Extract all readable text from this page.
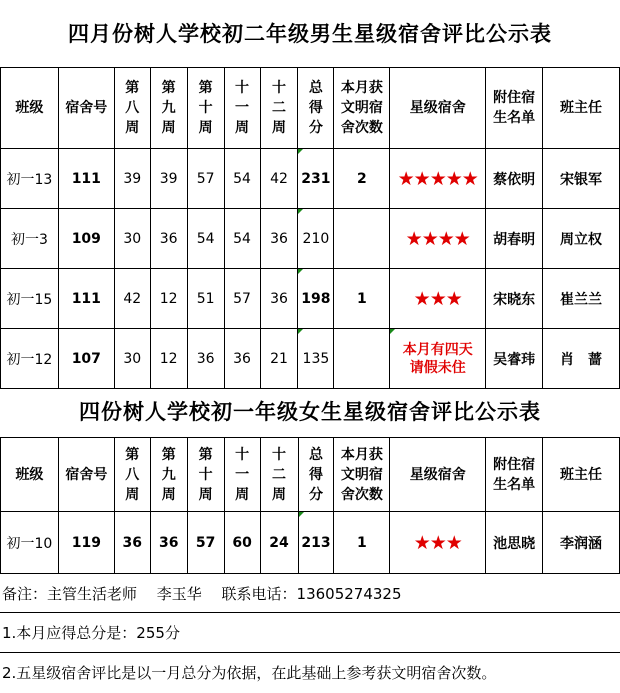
四月份树人学校初二年级男生星级宿舍评比公示表
班级	宿舍号	第
八
周	第
九
周	第
十
周	十
一
周	十
二
周	总
得
分	本月获
文明宿
舍次数	星级宿舍	附住宿
生名单	班主任
初一13	111	39	39	57	54	42	231	2	★★★★★	蔡依明	宋银军
初一3	109	30	36	54	54	36	210		★★★★	胡春明	周立权
初一15	111	42	12	51	57	36	198	1	★★★	宋晓东	崔兰兰
初一12	107	30	12	36	36	21	135		本月有四天
请假未住	吴睿玮	肖　蔷
四份树人学校初一年级女生星级宿舍评比公示表
班级	宿舍号	第
八
周	第
九
周	第
十
周	十
一
周	十
二
周	总
得
分	本月获
文明宿
舍次数	星级宿舍	附住宿
生名单	班主任
初一10	119	36	36	57	60	24	213	1	★★★	池思晓	李润涵
备注：主管生活老师　 李玉华　 联系电话：13605274325
1.本月应得总分是：255分
2.五星级宿舍评比是以一月总分为依据，在此基础上参考获文明宿舍次数。
